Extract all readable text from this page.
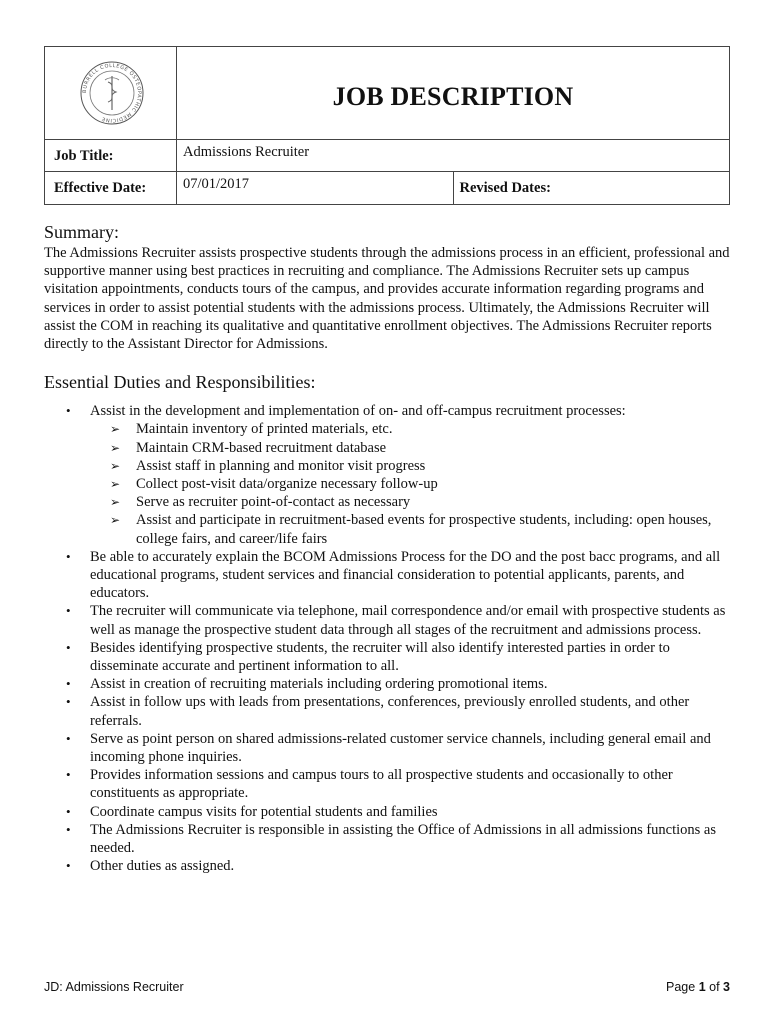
BURRELL COLLEGE OSTEOPATHIC MEDICINE	JOB DESCRIPTION	
Job Title:	Admissions Recruiter	
Effective Date:	07/01/2017	Revised Dates:
Summary:

The Admissions Recruiter assists prospective students through the admissions process in an efficient, professional and supportive manner using best practices in recruiting and compliance. The Admissions Recruiter sets up campus visitation appointments, conducts tours of the campus, and provides accurate information regarding programs and services in order to assist potential students with the admissions process. Ultimately, the Admissions Recruiter will assist the COM in reaching its qualitative and quantitative enrollment objectives. The Admissions Recruiter reports directly to the Assistant Director for Admissions.

Essential Duties and Responsibilities:
• Assist in the development and implementation of on- and off-campus recruitment processes:
➢ Maintain inventory of printed materials, etc.
➢ Maintain CRM-based recruitment database
➢ Assist staff in planning and monitor visit progress
➢ Collect post-visit data/organize necessary follow-up
➢ Serve as recruiter point-of-contact as necessary
➢ Assist and participate in recruitment-based events for prospective students, including: open houses, college fairs, and career/life fairs
• Be able to accurately explain the BCOM Admissions Process for the DO and the post bacc programs, and all educational programs, student services and financial consideration to potential applicants, parents, and educators.
• The recruiter will communicate via telephone, mail correspondence and/or email with prospective students as well as manage the prospective student data through all stages of the recruitment and admissions process.
• Besides identifying prospective students, the recruiter will also identify interested parties in order to disseminate accurate and pertinent information to all.
• Assist in creation of recruiting materials including ordering promotional items.
• Assist in follow ups with leads from presentations, conferences, previously enrolled students, and other referrals.
• Serve as point person on shared admissions-related customer service channels, including general email and incoming phone inquiries.
• Provides information sessions and campus tours to all prospective students and occasionally to other constituents as appropriate.
• Coordinate campus visits for potential students and families
• The Admissions Recruiter is responsible in assisting the Office of Admissions in all admissions functions as needed.
• Other duties as assigned.
JD: Admissions Recruiter	Page 1 of 3
